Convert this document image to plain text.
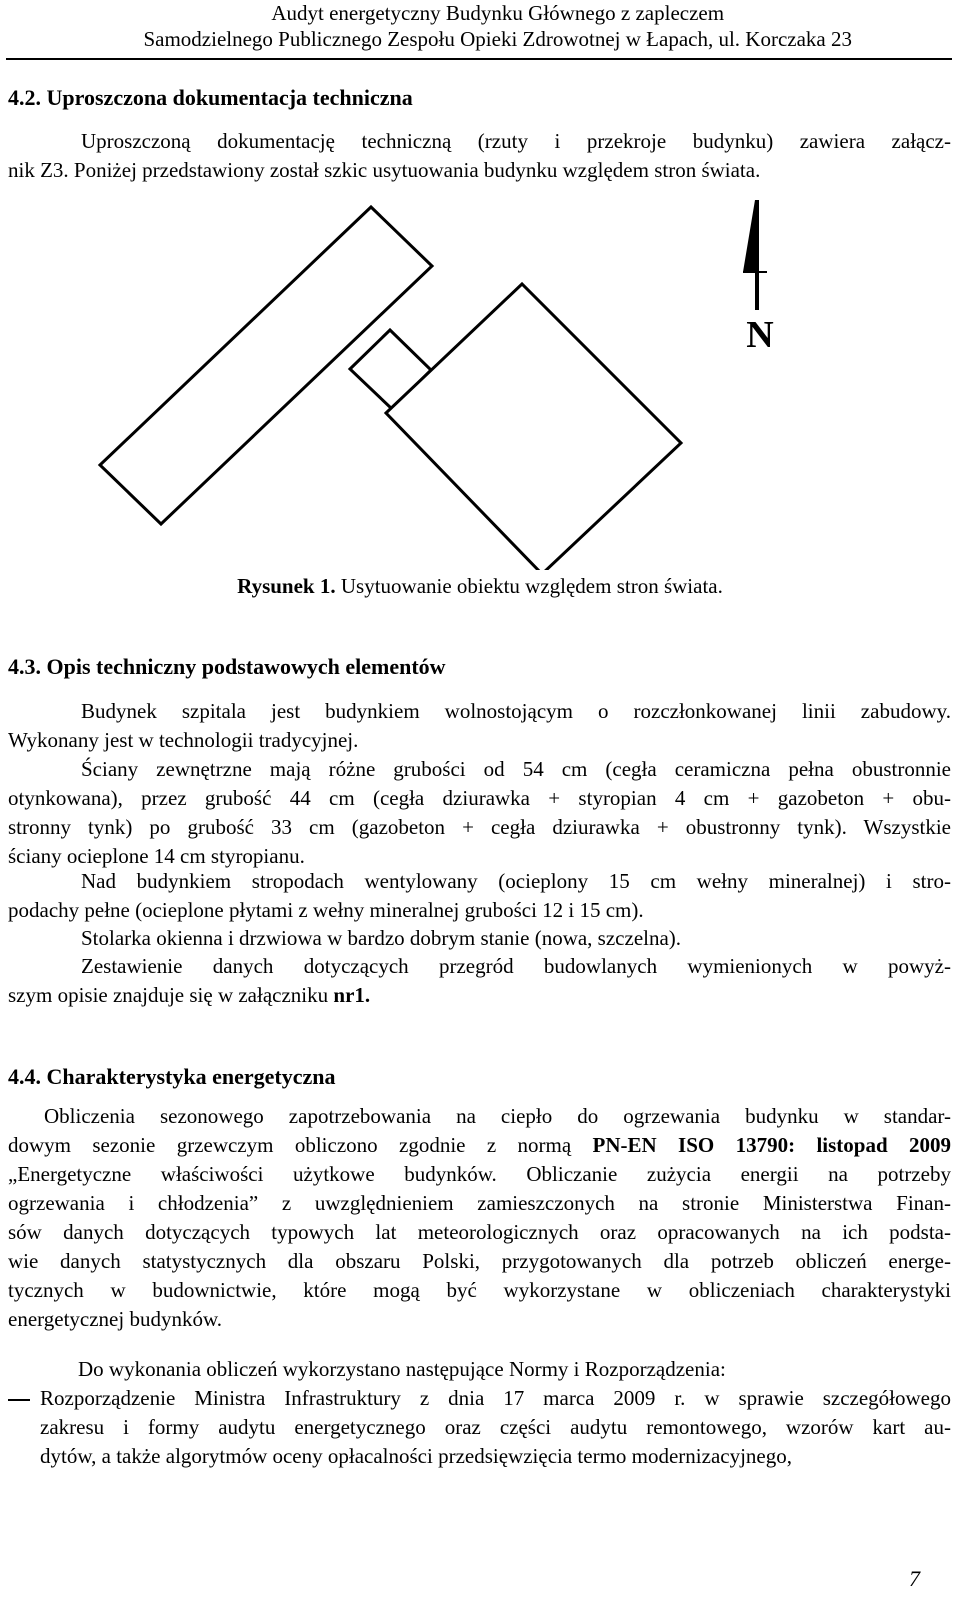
Audyt energetyczny Budynku Głównego z zapleczem
Samodzielnego Publicznego Zespołu Opieki Zdrowotnej w Łapach, ul. Korczaka 23
4.2. Uproszczona dokumentacja techniczna
Uproszczoną dokumentację techniczną (rzuty i przekroje budynku) zawiera załącz-
nik Z3. Poniżej przedstawiony został szkic usytuowania budynku względem stron świata.
N
Rysunek 1. Usytuowanie obiektu względem stron świata.
4.3. Opis techniczny podstawowych elementów
Budynek szpitala jest budynkiem wolnostojącym o rozczłonkowanej linii zabudowy.
Wykonany jest w technologii tradycyjnej.
Ściany zewnętrzne mają różne grubości od 54 cm (cegła ceramiczna pełna obustronnie
otynkowana), przez grubość 44 cm (cegła dziurawka + styropian 4 cm + gazobeton + obu-
stronny tynk) po grubość 33 cm (gazobeton + cegła dziurawka + obustronny tynk). Wszystkie
ściany ocieplone 14 cm styropianu.
Nad budynkiem stropodach wentylowany (ocieplony 15 cm wełny mineralnej) i stro-
podachy pełne (ocieplone płytami z wełny mineralnej grubości 12 i 15 cm).
Stolarka okienna i drzwiowa w bardzo dobrym stanie (nowa, szczelna).
Zestawienie danych dotyczących przegród budowlanych wymienionych w powyż-
szym opisie znajduje się w załączniku nr1.
4.4. Charakterystyka energetyczna
Obliczenia sezonowego zapotrzebowania na ciepło do ogrzewania budynku w standar-
dowym sezonie grzewczym obliczono zgodnie z normą PN-EN ISO 13790: listopad 2009
„Energetyczne właściwości użytkowe budynków. Obliczanie zużycia energii na potrzeby
ogrzewania i chłodzenia” z uwzględnieniem zamieszczonych na stronie Ministerstwa Finan-
sów danych dotyczących typowych lat meteorologicznych oraz opracowanych na ich podsta-
wie danych statystycznych dla obszaru Polski, przygotowanych dla potrzeb obliczeń energe-
tycznych w budownictwie, które mogą być wykorzystane w obliczeniach charakterystyki
energetycznej budynków.
Do wykonania obliczeń wykorzystano następujące Normy i Rozporządzenia:
Rozporządzenie Ministra Infrastruktury z dnia 17 marca 2009 r. w sprawie szczegółowego
zakresu i formy audytu energetycznego oraz części audytu remontowego, wzorów kart au-
dytów, a także algorytmów oceny opłacalności przedsięwzięcia termo modernizacyjnego,
7
